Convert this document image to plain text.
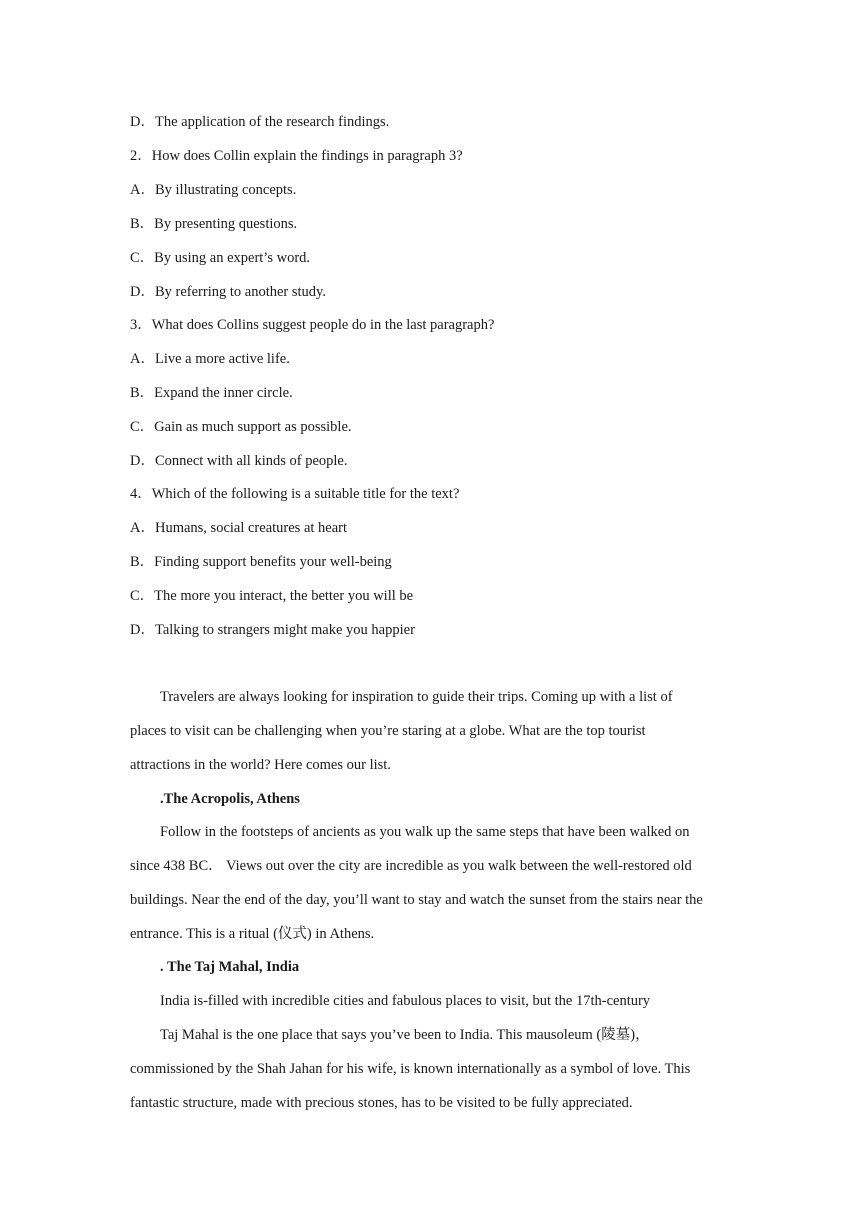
D．The application of the research findings.
2．How does Collin explain the findings in paragraph 3?
A．By illustrating concepts.
B．By presenting questions.
C．By using an expert’s word.
D．By referring to another study.
3．What does Collins suggest people do in the last paragraph?
A．Live a more active life.
B．Expand the inner circle.
C．Gain as much support as possible.
D．Connect with all kinds of people.
4．Which of the following is a suitable title for the text?
A．Humans, social creatures at heart
B．Finding support benefits your well-being
C．The more you interact, the better you will be
D．Talking to strangers might make you happier
Travelers are always looking for inspiration to guide their trips. Coming up with a list of
places to visit can be challenging when you’re staring at a globe. What are the top tourist
attractions in the world? Here comes our list.
.The Acropolis, Athens
Follow in the footsteps of ancients as you walk up the same steps that have been walked on
since 438 BC． Views out over the city are incredible as you walk between the well-restored old
buildings. Near the end of the day, you’ll want to stay and watch the sunset from the stairs near the
entrance. This is a ritual (仪式) in Athens.
. The Taj Mahal, India
India is-filled with incredible cities and fabulous places to visit, but the 17th-century
Taj Mahal is the one place that says you’ve been to India. This mausoleum (陵墓)，
commissioned by the Shah Jahan for his wife, is known internationally as a symbol of love. This
fantastic structure, made with precious stones, has to be visited to be fully appreciated.
